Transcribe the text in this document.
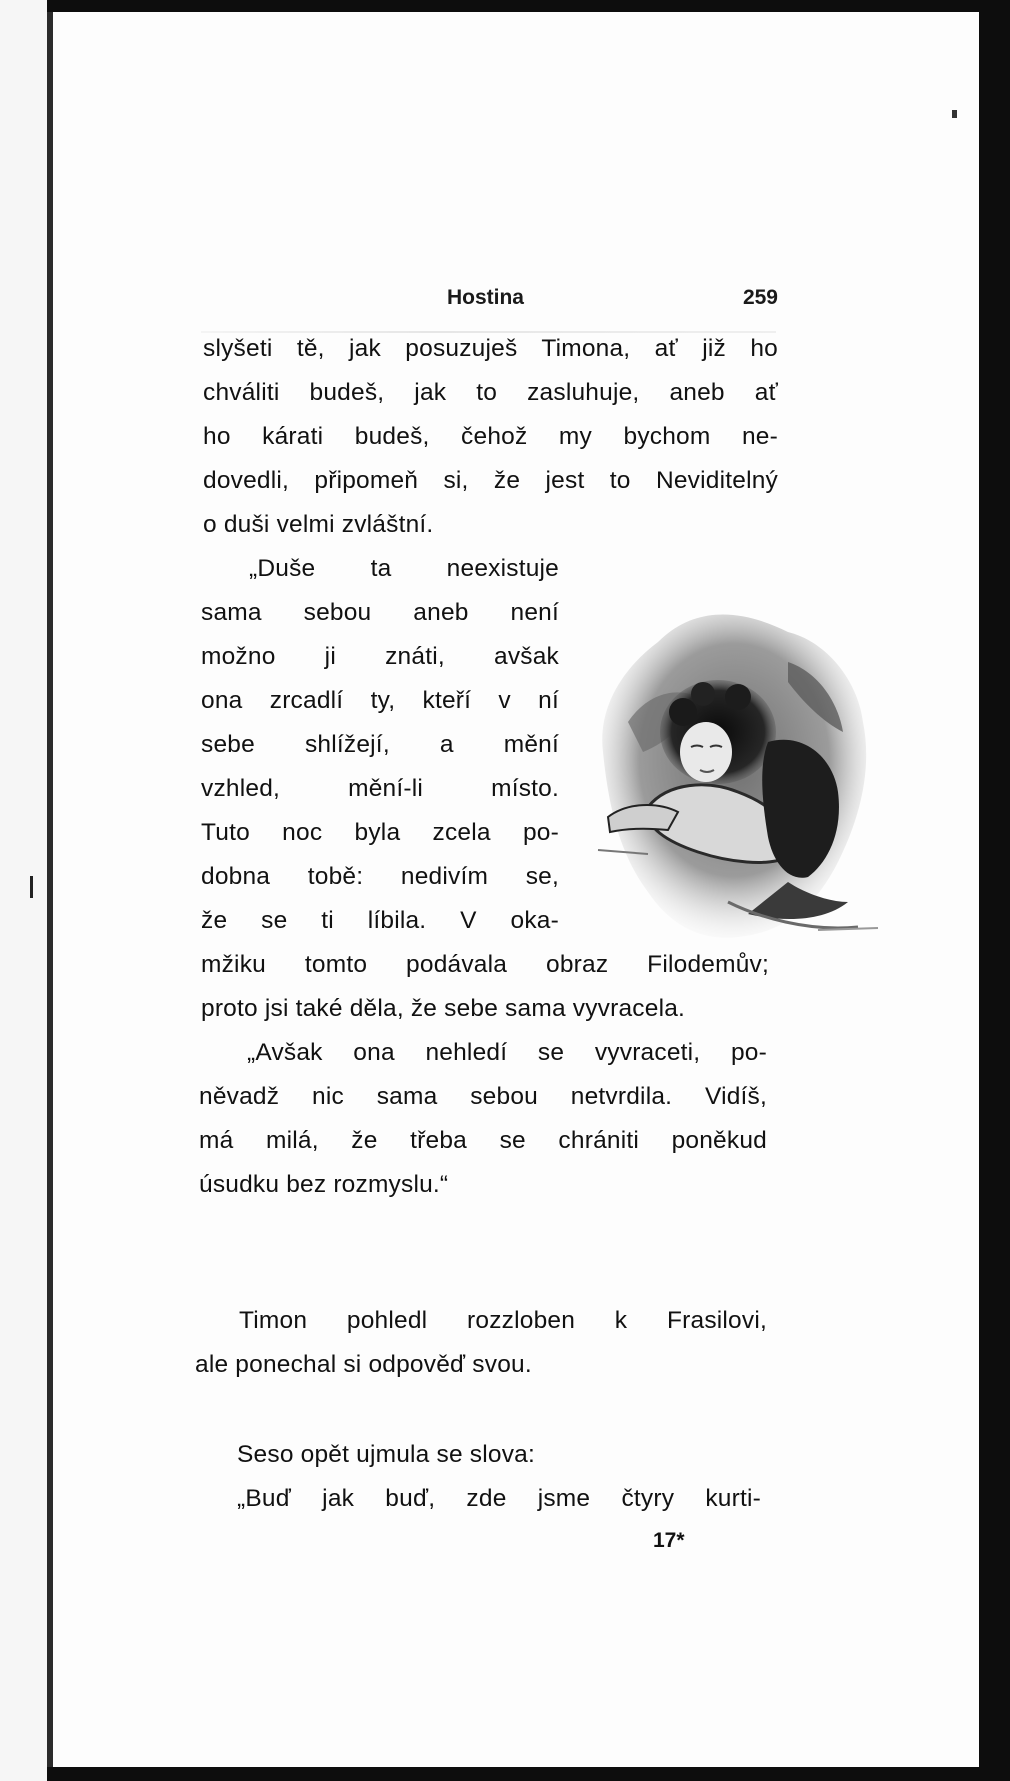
Hostina	259
slyšeti tě, jak posuzuješ Timona, ať již ho
chváliti budeš, jak to zasluhuje, aneb ať
ho kárati budeš, čehož my bychom ne-
dovedli, připomeň si, že jest to Neviditelný
o duši velmi zvláštní.
„Duše ta neexistuje
sama sebou aneb není
možno ji znáti, avšak
ona zrcadlí ty, kteří v ní
sebe shlížejí, a mění
vzhled, mění-li místo.
Tuto noc byla zcela po-
dobna tobě: nedivím se,
že se ti líbila. V oka-
mžiku tomto podávala obraz Filodemův;
proto jsi také děla, že sebe sama vyvracela.
„Avšak ona nehledí se vyvraceti, po-
něvadž nic sama sebou netvrdila. Vidíš,
má milá, že třeba se chrániti poněkud
úsudku bez rozmyslu.“
Timon pohledl rozzloben k Frasilovi,
ale ponechal si odpověď svou.
Seso opět ujmula se slova:
„Buď jak buď, zde jsme čtyry kurti-
17*
